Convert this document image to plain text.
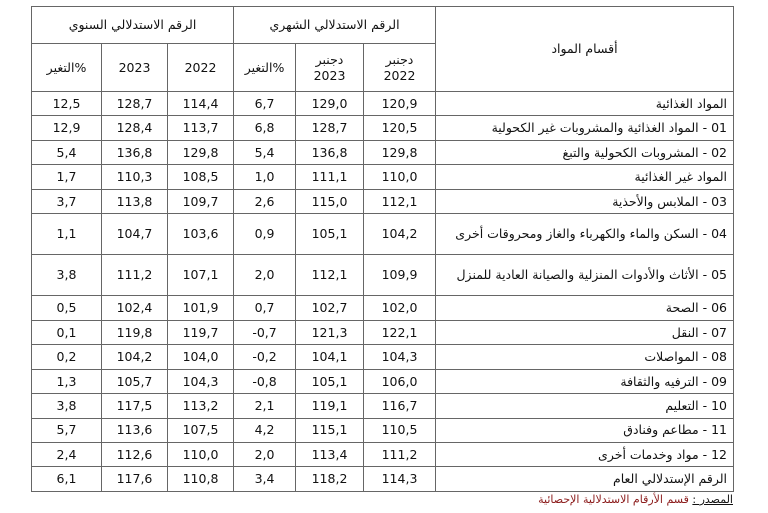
الرقم الاستدلالي السنوي			الرقم الاستدلالي الشهري			أقسام المواد
التغير%	2023	2022	التغير%	دجنبر 2023	دجنبر 2022	
12,5	128,7	114,4	6,7	129,0	120,9	المواد الغذائية
12,9	128,4	113,7	6,8	128,7	120,5	01 - المواد الغذائية والمشروبات غير الكحولية
5,4	136,8	129,8	5,4	136,8	129,8	02 - المشروبات الكحولية والتبغ
1,7	110,3	108,5	1,0	111,1	110,0	المواد غير الغذائية
3,7	113,8	109,7	2,6	115,0	112,1	03 - الملابس والأحذية
1,1	104,7	103,6	0,9	105,1	104,2	04 - السكن والماء والكهرباء والغاز ومحروقات أخرى
3,8	111,2	107,1	2,0	112,1	109,9	05 - الأثاث والأدوات المنزلية والصيانة العادية للمنزل
0,5	102,4	101,9	0,7	102,7	102,0	06 - الصحة
0,1	119,8	119,7	-0,7	121,3	122,1	07 - النقل
0,2	104,2	104,0	-0,2	104,1	104,3	08 - المواصلات
1,3	105,7	104,3	-0,8	105,1	106,0	09 - الترفيه والثقافة
3,8	117,5	113,2	2,1	119,1	116,7	10 - التعليم
5,7	113,6	107,5	4,2	115,1	110,5	11 - مطاعم وفنادق
2,4	112,6	110,0	2,0	113,4	111,2	12 - مواد وخدمات أخرى
6,1	117,6	110,8	3,4	118,2	114,3	الرقم الإستدلالي العام
المصدر : قسم الأرقام الاستدلالية الإحصائية
